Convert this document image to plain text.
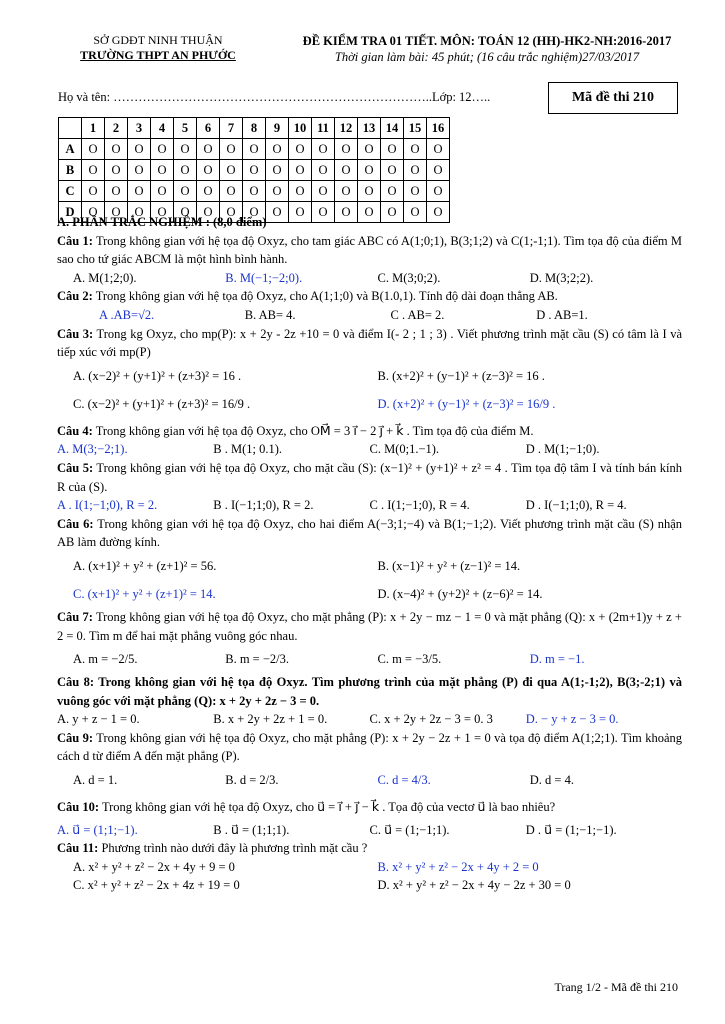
SỞ GDĐT NINH THUẬN
TRƯỜNG THPT AN PHƯỚC
ĐỀ KIỂM TRA 01 TIẾT. MÔN: TOÁN 12 (HH)-HK2-NH:2016-2017
Thời gian làm bài: 45 phút; (16 câu trắc nghiệm)27/03/2017
Họ và tên: …………………………………………………………………..Lớp: 12…..	Mã đề thi 210
	1	2	3	4	5	6	7	8	9	10	11	12	13	14	15	16
A	O	O	O	O	O	O	O	O	O	O	O	O	O	O	O	O
B	O	O	O	O	O	O	O	O	O	O	O	O	O	O	O	O
C	O	O	O	O	O	O	O	O	O	O	O	O	O	O	O	O
D	O	O	O	O	O	O	O	O	O	O	O	O	O	O	O	O

A. PHẦN TRẮC NGHIỆM : (8,0 điểm)

Câu 1: Trong không gian với hệ tọa độ Oxyz, cho tam giác ABC có A(1;0;1), B(3;1;2) và C(1;-1;1). Tìm tọa độ của điểm M sao cho tứ giác ABCM là một hình bình hành.

A. M(1;2;0).	B. M(−1;−2;0).	C. M(3;0;2).	D. M(3;2;2).

Câu 2: Trong không gian với hệ tọa độ Oxyz, cho A(1;1;0) và B(1.0,1). Tính độ dài đoạn thẳng AB.

A .AB=√2.	B. AB= 4.	C . AB= 2.	D . AB=1.

Câu 3: Trong kg Oxyz, cho mp(P): x + 2y - 2z +10 = 0 và điểm I(- 2 ; 1 ; 3) . Viết phương trình mặt cầu (S) có tâm là I và tiếp xúc với mp(P)

A. (x−2)² + (y+1)² + (z+3)² = 16 .	B. (x+2)² + (y−1)² + (z−3)² = 16 .
C. (x−2)² + (y+1)² + (z+3)² = 16/9 .	D. (x+2)² + (y−1)² + (z−3)² = 16/9 .

Câu 4: Trong không gian với hệ tọa độ Oxyz, cho OM⃗ = 3 i⃗ − 2 j⃗ + k⃗ . Tìm tọa độ của điểm M.

A. M(3;−2;1).	B . M(1; 0.1).	C. M(0;1.−1).	D . M(1;−1;0).

Câu 5: Trong không gian với hệ tọa độ Oxyz, cho mặt cầu (S): (x−1)² + (y+1)² + z² = 4 . Tìm tọa độ tâm I và tính bán kính R của (S).

A . I(1;−1;0), R = 2.	B . I(−1;1;0), R = 2.	C . I(1;−1;0), R = 4.	D . I(−1;1;0), R = 4.

Câu 6: Trong không gian với hệ tọa độ Oxyz, cho hai điểm A(−3;1;−4) và B(1;−1;2). Viết phương trình mặt cầu (S) nhận AB làm đường kính.

A. (x+1)² + y² + (z+1)² = 56.	B. (x−1)² + y² + (z−1)² = 14.
C. (x+1)² + y² + (z+1)² = 14.	D. (x−4)² + (y+2)² + (z−6)² = 14.

Câu 7: Trong không gian với hệ tọa độ Oxyz, cho mặt phẳng (P): x + 2y − mz − 1 = 0 và mặt phẳng (Q): x + (2m+1)y + z + 2 = 0. Tìm m để hai mặt phẳng vuông góc nhau.

A. m = −2/5.	B. m = −2/3.	C. m = −3/5.	D. m = −1.

Câu 8: Trong không gian với hệ tọa độ Oxyz. Tìm phương trình của mặt phẳng (P) đi qua A(1;-1;2), B(3;-2;1) và vuông góc với mặt phẳng (Q): x + 2y + 2z − 3 = 0.

A. y + z − 1 = 0.	B. x + 2y + 2z + 1 = 0.	C. x + 2y + 2z − 3 = 0. 3	D. − y + z − 3 = 0.

Câu 9: Trong không gian với hệ tọa độ Oxyz, cho mặt phẳng (P): x + 2y − 2z + 1 = 0 và tọa độ điểm A(1;2;1). Tìm khoảng cách d từ điểm A đến mặt phẳng (P).

A. d = 1.	B. d = 2/3.	C. d = 4/3.	D. d = 4.

Câu 10: Trong không gian với hệ tọa độ Oxyz, cho u⃗ = i⃗ + j⃗ − k⃗ . Tọa độ của vectơ u⃗ là bao nhiêu?

A. u⃗ = (1;1;−1).	B . u⃗ = (1;1;1).	C. u⃗ = (1;−1;1).	D . u⃗ = (1;−1;−1).

Câu 11: Phương trình nào dưới đây là phương trình mặt cầu ?

A. x² + y² + z² − 2x + 4y + 9 = 0	B. x² + y² + z² − 2x + 4y + 2 = 0
C. x² + y² + z² − 2x + 4z + 19 = 0	D. x² + y² + z² − 2x + 4y − 2z + 30 = 0
Trang 1/2 - Mã đề thi 210
